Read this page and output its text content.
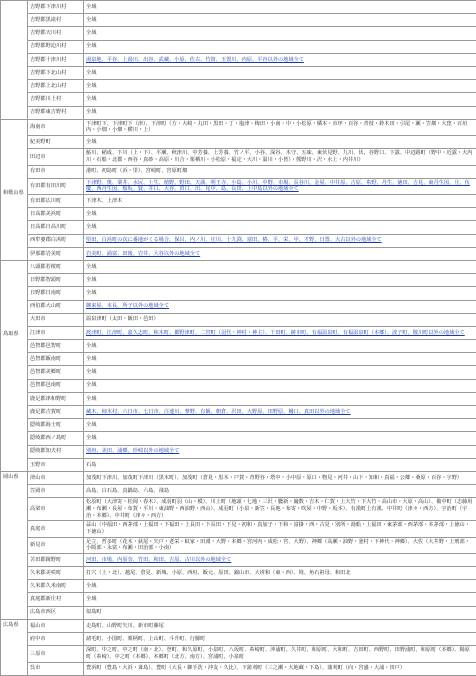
	吉野郡下津川村	全域
	吉野郡黒滝村	全域
	吉野郡天川村	全域
	吉野郡野迫川村	全域
	吉野郡十津川村	湯泉地、平谷、上湯川、出谷、武蔵、小原、佐古、竹筒、玉置川、内原、平谷以外の地域全て
	吉野郡下北山村	全域
	吉野郡上北山村	全域
	吉野郡川上村	全域
	吉野郡東吉野村	全域
和歌山県	海南市	下津町下、下津町下（津）、下津町（方・大崎・丸田・黒田・丁・塩津・梅田・小南・中・小松原・橘本・市坪・百谷・青枝・鈴木田・引尾・瀬・笠畑・大窪・百垣内・小畑・小畑・横川・上）
	紀美野町	全域
	田辺市	鮎川、稲成、下川（上・下）、平瀬、秋津川、中芳養、上芳養、竹ノ平、小谷、深谷、木守、五味、東伏見野、九川、伏、谷野口、下露、中辺路町（野中・近露・大内川・石船・北郡・西谷・真砂・高原・川合・栗栖川・小松原・福定・大川・温川・小皆）・熊野川・沢・水上・内井川）
	有田市	港町、初島町（浜・里）、宮崎町、宮原町畑
	有田郡有田川町	下津野、奥、粟井、水尻、土生、植野、野田、天満、明王寺、小島、小川、中野、市場、長谷川、金屋、中井原、吉原、糸野、丹生、徳田、吉見、東丹生図、庄、伍慶、西丹生図、船坂、賢、井口、大谷、田口、出、尾中、島、長田、上中島以外の地域全て
	有田郡広川町	下津木、上津木
	日高郡美浜町	全域
	日高郡日高川町	全域
	西牟婁郡白浜町	堅田、白浜町の次に番地がくる場合、保呂、内ノ川、庄川、十九渕、富田、椿、平、栄、中、才野、日置、大古以外の地域全て
	伊那郡岩美町	岩美町、浦富、田後、岩井、大谷以外の地域全て
鳥取県	八頭郡若桜町	全域
	日野郡智頭町	全域
	日野郡日南町	全域
	西伯郡大山町	御来屋、末長、所子以外の地域全て
	大田市	温泉津町（太田・飯田・邑田）
	江津市	渡津町、江津町、嘉久志町、和木町、都野津町、二宮町（羽代・神村・神主）、千田町、跡市町、有福温泉町、有福温泉町（本郷）、波子町、敬川町以外の地域全て
	邑智郡邑智町	全域
	邑智郡飯南町	全域
	邑智郡美郷町	全域
	邑智郡邑南町	全域
	鹿足郡津和野町	全域
	鹿足郡吉賀町	蔵木、柿木村、六日市、七日市、注連川、蓼野、有飯、朝倉、沢田、大野原、田野原、樋口、真田以外の地域全て
	隠岐郡海士町	全域
	隠岐郡西ノ島町	全域
	隠岐郡知夫村	別府、美田、浦郷、珍崎以外の地域全て
	玉野市	石島
岡山県	津山市	加茂町下津川、加茂町下津川（黒木町）、加茂町（倉見・黒木・戸賀・青野谷・塔中・小中原・原口・物見・河井・山下・知和・真福・公郷・桑原・百谷・宇野）
	笠岡市	高島、白石島、真鍋島、六島、飛島
	高梁市	松原町（大津寄・松岡・春木）、成羽町羽（山・模）、川上町（地頭・七地・三沢・臘新・簸数・吉木・仁賀・上大竹・下大竹・高山市・大原・高山）、備中町（志藤用瀬・布瀬・長屋・布賀・平川・東油野・西油野・西山）、成羽町（小泉・新笠・長地・布寄・吹屋・中野・坂本）、有漢町上有漢、中井町（津々・西方）、宇治町（宇治・本郷）、中井町（津々・西方）
	真庭市	蒜山（中福田・西茅部・上福田・下福田・上長田・下長田・下見・初和・真加子・下和・富掛・西・古見・別所・湯船・上福田・東茅部・西茅部・本茅部・上徳山・下徳山）
	新見市	足立、哲多町（花木・荻尾・矢戸・老栄・蚊家・田淵・大野・本郷・宮河内・成松・宮、大野）、神郷（高瀬・油野・釜村・下神代・神郷）、大佐（大井野・上刑部・小阪部・永富・布瀬・田治部・小南）
	苫田郡鏡野町	河田、市場、内原奈、竹田、和田、吉原、古川以外の地域全て
	久米郡美咲町	打穴（上・北）、越尾、倉見、新城、小原、西垣、飯元、原田、錦山市、大垪和（東・西）、境、角石祖母、和田北
	久米郡久米南町	全域
	真庭郡新庄村	全域
	広島市西区	似島町
広島県	福山市	走島町、山野町矢川、新市町藤尾
	府中市	諸毛町、小国町、栗柄町、上山町、斗升町、行縢町
	三原市	深町、中之町、中之町（南・北）、登町、和久原町、小泉町、八坂町、糸崎町、沖浦町、久井町、和原町、大和町、吉田町、西野町、田野浦町、和原町（本郷）、陽原町（糸崎）、中之町（本郷）、本郷町（北方、南方）、宮浦町、小泉町
	呉市	豊浜町（豊島・大浜・斎島）、豊町（大長・御手洗・沖友・久比）、下蒲刈町（三之瀬・大地蔵・下島）、蒲刈町（向・宮盛・大浦・田戸）
